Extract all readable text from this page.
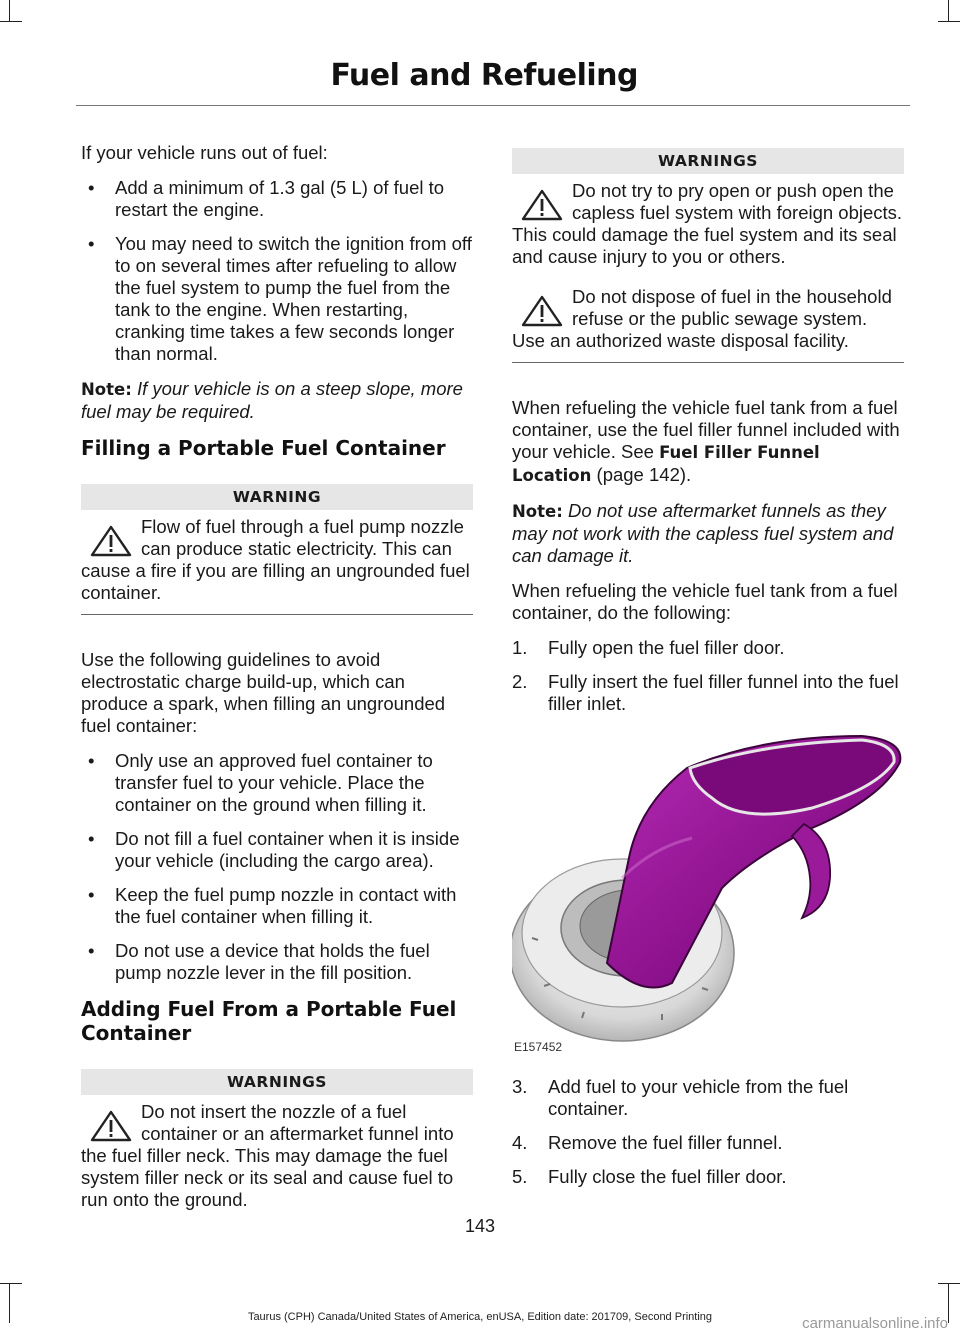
Fuel and Refueling

If your vehicle runs out of fuel:

• Add a minimum of 1.3 gal (5 L) of fuel to restart the engine.
• You may need to switch the ignition from off to on several times after refueling to allow the fuel system to pump the fuel from the tank to the engine. When restarting, cranking time takes a few seconds longer than normal.

Note: If your vehicle is on a steep slope, more fuel may be required.

Filling a Portable Fuel Container
WARNING

Flow of fuel through a fuel pump nozzle can produce static electricity. This can cause a fire if you are filling an ungrounded fuel container.

Use the following guidelines to avoid electrostatic charge build-up, which can produce a spark, when filling an ungrounded fuel container:

• Only use an approved fuel container to transfer fuel to your vehicle. Place the container on the ground when filling it.
• Do not fill a fuel container when it is inside your vehicle (including the cargo area).
• Keep the fuel pump nozzle in contact with the fuel container when filling it.
• Do not use a device that holds the fuel pump nozzle lever in the fill position.
Adding Fuel From a Portable Fuel Container
WARNINGS

Do not insert the nozzle of a fuel container or an aftermarket funnel into the fuel filler neck. This may damage the fuel system filler neck or its seal and cause fuel to run onto the ground.

WARNINGS

Do not try to pry open or push open the capless fuel system with foreign objects. This could damage the fuel system and its seal and cause injury to you or others.

Do not dispose of fuel in the household refuse or the public sewage system. Use an authorized waste disposal facility.

When refueling the vehicle fuel tank from a fuel container, use the fuel filler funnel included with your vehicle. See Fuel Filler Funnel Location (page 142).

Note: Do not use aftermarket funnels as they may not work with the capless fuel system and can damage it.

When refueling the vehicle fuel tank from a fuel container, do the following:

1. Fully open the fuel filler door.
2. Fully insert the fuel filler funnel into the fuel filler inlet.
E157452
3. Add fuel to your vehicle from the fuel container.
4. Remove the fuel filler funnel.
5. Fully close the fuel filler door.
143
Taurus (CPH) Canada/United States of America, enUSA, Edition date: 201709, Second Printing	carmanualsonline.info
